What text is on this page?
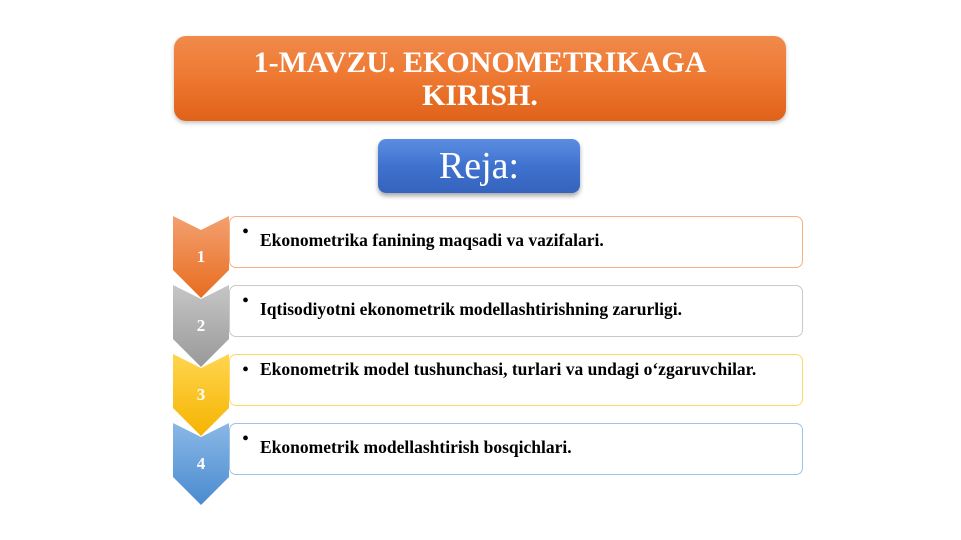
1-MAVZU. EKONOMETRIKAGA KIRISH.
Reja:
1
• Ekonometrika fanining maqsadi va vazifalari.
2
• Iqtisodiyotni ekonometrik modellashtirishning zarurligi.
3
• Ekonometrik model tushunchasi, turlari va undagi o‘zgaruvchilar.
4
• Ekonometrik modellashtirish bosqichlari.
